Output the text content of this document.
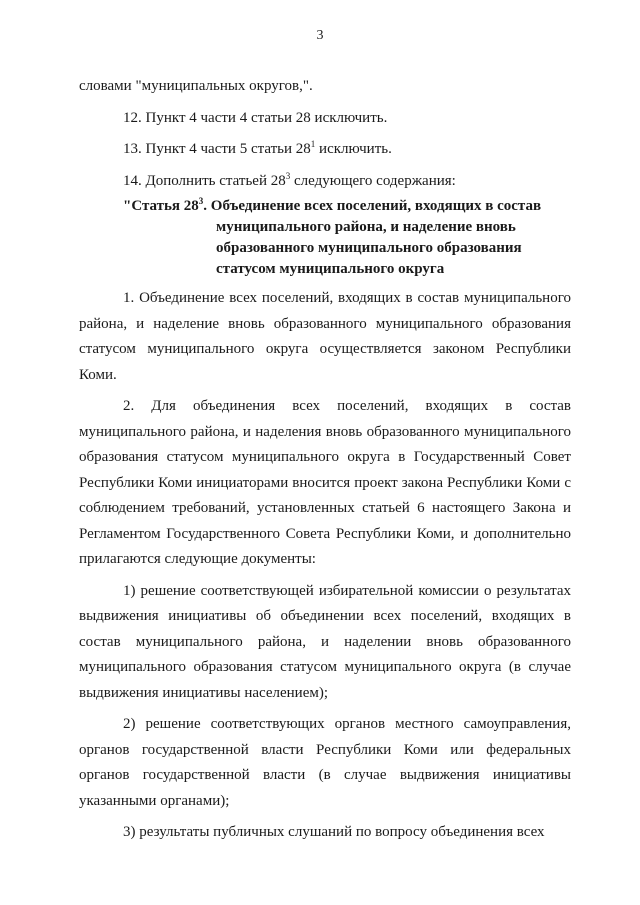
3

словами "муниципальных округов,".

12. Пункт 4 части 4 статьи 28 исключить.

13. Пункт 4 части 5 статьи $28^1$ исключить.

14. Дополнить статьей $28^3$ следующего содержания:

"Статья $28^3$. Объединение всех поселений, входящих в состав
муниципального района, и наделение вновь образованного муниципального образования статусом муниципального округа

1. Объединение всех поселений, входящих в состав муниципального района, и наделение вновь образованного муниципального образования статусом муниципального округа осуществляется законом Республики Коми.

2. Для объединения всех поселений, входящих в состав муниципального района, и наделения вновь образованного муниципального образования статусом муниципального округа в Государственный Совет Республики Коми инициаторами вносится проект закона Республики Коми с соблюдением требований, установленных статьей 6 настоящего Закона и Регламентом Государственного Совета Республики Коми, и дополнительно прилагаются следующие документы:

1) решение соответствующей избирательной комиссии о результатах выдвижения инициативы об объединении всех поселений, входящих в состав муниципального района, и наделении вновь образованного муниципального образования статусом муниципального округа (в случае выдвижения инициативы населением);

2) решение соответствующих органов местного самоуправления, органов государственной власти Республики Коми или федеральных органов государственной власти (в случае выдвижения инициативы указанными органами);

3) результаты публичных слушаний по вопросу объединения всех
